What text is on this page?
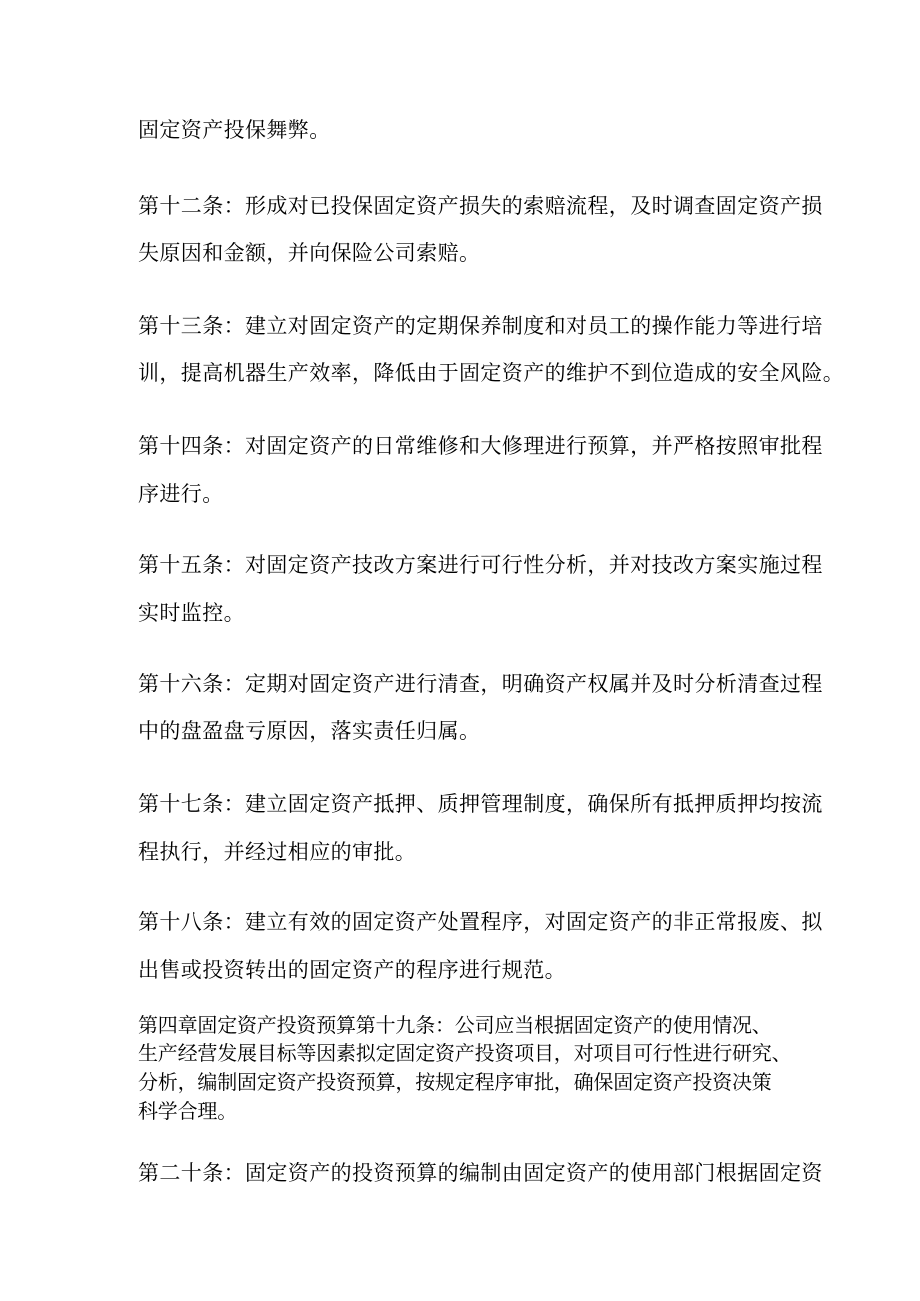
固定资产投保舞弊。
第十二条：形成对已投保固定资产损失的索赔流程，及时调查固定资产损
失原因和金额，并向保险公司索赔。
第十三条：建立对固定资产的定期保养制度和对员工的操作能力等进行培
训，提高机器生产效率，降低由于固定资产的维护不到位造成的安全风险。
第十四条：对固定资产的日常维修和大修理进行预算，并严格按照审批程
序进行。
第十五条：对固定资产技改方案进行可行性分析，并对技改方案实施过程
实时监控。
第十六条：定期对固定资产进行清查，明确资产权属并及时分析清查过程
中的盘盈盘亏原因，落实责任归属。
第十七条：建立固定资产抵押、质押管理制度，确保所有抵押质押均按流
程执行，并经过相应的审批。
第十八条：建立有效的固定资产处置程序，对固定资产的非正常报废、拟
出售或投资转出的固定资产的程序进行规范。
第四章固定资产投资预算第十九条：公司应当根据固定资产的使用情况、
生产经营发展目标等因素拟定固定资产投资项目，对项目可行性进行研究、
分析，编制固定资产投资预算，按规定程序审批，确保固定资产投资决策
科学合理。
第二十条：固定资产的投资预算的编制由固定资产的使用部门根据固定资
